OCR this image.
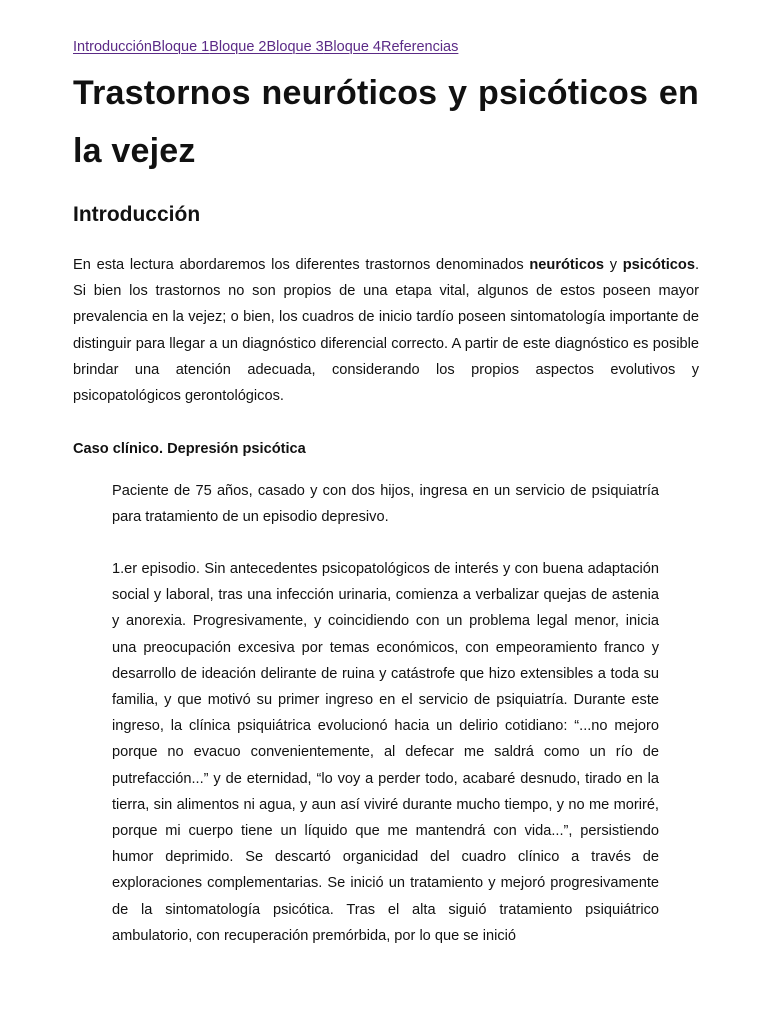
IntroducciónBloque 1Bloque 2Bloque 3Bloque 4Referencias
Trastornos neuróticos y psicóticos en la vejez
Introducción

En esta lectura abordaremos los diferentes trastornos denominados neuróticos y psicóticos. Si bien los trastornos no son propios de una etapa vital, algunos de estos poseen mayor prevalencia en la vejez; o bien, los cuadros de inicio tardío poseen sintomatología importante de distinguir para llegar a un diagnóstico diferencial correcto. A partir de este diagnóstico es posible brindar una atención adecuada, considerando los propios aspectos evolutivos y psicopatológicos gerontológicos.

Caso clínico. Depresión psicótica

Paciente de 75 años, casado y con dos hijos, ingresa en un servicio de psiquiatría para tratamiento de un episodio depresivo.

1.er episodio. Sin antecedentes psicopatológicos de interés y con buena adaptación social y laboral, tras una infección urinaria, comienza a verbalizar quejas de astenia y anorexia. Progresivamente, y coincidiendo con un problema legal menor, inicia una preocupación excesiva por temas económicos, con empeoramiento franco y desarrollo de ideación delirante de ruina y catástrofe que hizo extensibles a toda su familia, y que motivó su primer ingreso en el servicio de psiquiatría. Durante este ingreso, la clínica psiquiátrica evolucionó hacia un delirio cotidiano: “...no mejoro porque no evacuo convenientemente, al defecar me saldrá como un río de putrefacción...” y de eternidad, “lo voy a perder todo, acabaré desnudo, tirado en la tierra, sin alimentos ni agua, y aun así viviré durante mucho tiempo, y no me moriré, porque mi cuerpo tiene un líquido que me mantendrá con vida...”, persistiendo humor deprimido. Se descartó organicidad del cuadro clínico a través de exploraciones complementarias. Se inició un tratamiento y mejoró progresivamente de la sintomatología psicótica. Tras el alta siguió tratamiento psiquiátrico ambulatorio, con recuperación premórbida, por lo que se inició
